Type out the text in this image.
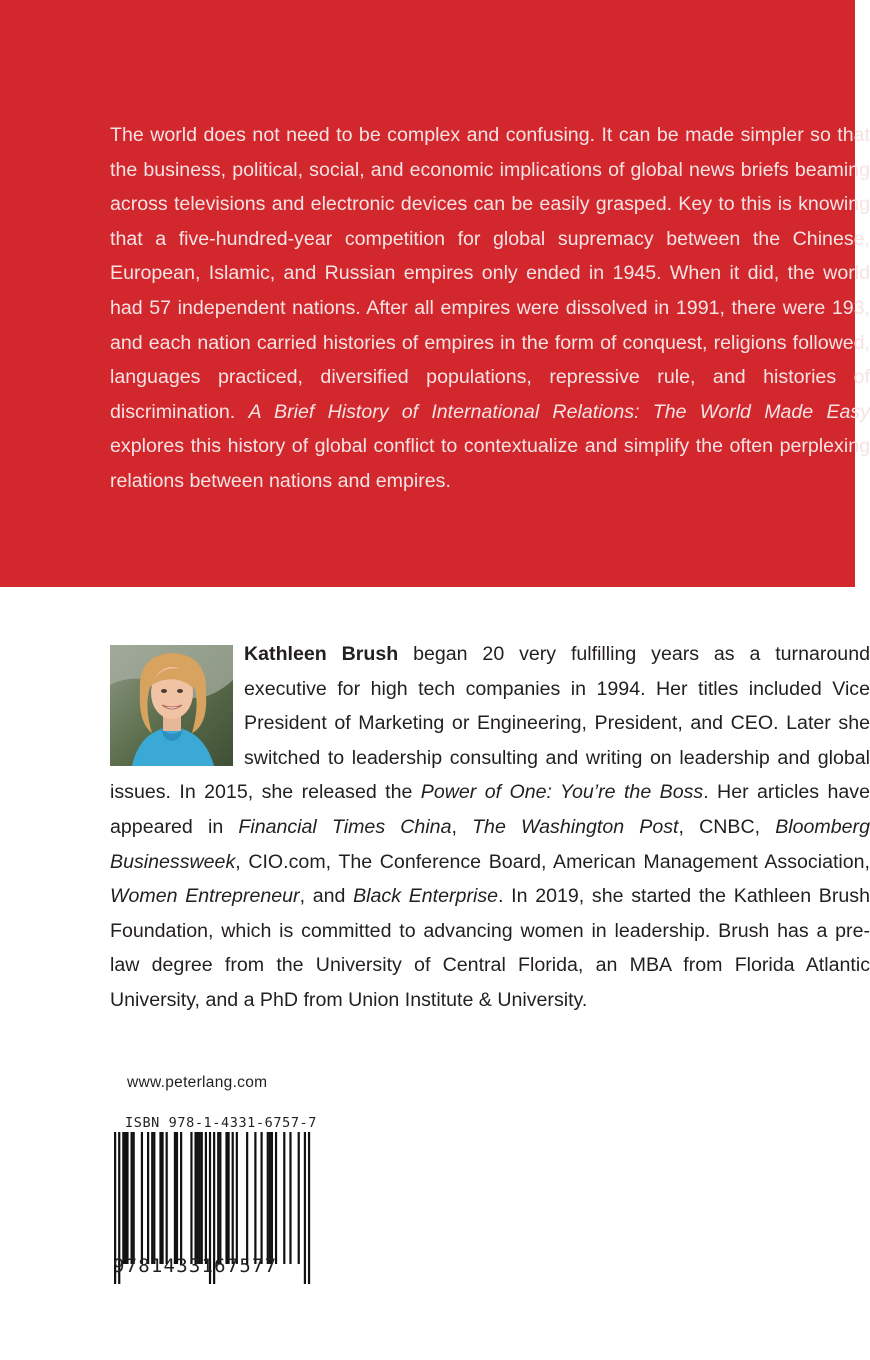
The world does not need to be complex and confusing. It can be made simpler so that the business, political, social, and economic implications of global news briefs beaming across televisions and electronic devices can be easily grasped. Key to this is knowing that a five-hundred-year competition for global supremacy between the Chinese, European, Islamic, and Russian empires only ended in 1945. When it did, the world had 57 independent nations. After all empires were dissolved in 1991, there were 193, and each nation carried histories of empires in the form of conquest, religions followed, languages practiced, diversified populations, repressive rule, and histories of discrimination. A Brief History of International Relations: The World Made Easy explores this history of global conflict to contextualize and simplify the often perplexing relations between nations and empires.

Kathleen Brush began 20 very fulfilling years as a turnaround executive for high tech companies in 1994. Her titles included Vice President of Marketing or Engineering, President, and CEO. Later she switched to leadership consulting and writing on leadership and global issues. In 2015, she released the Power of One: You’re the Boss. Her articles have appeared in Financial Times China, The Washington Post, CNBC, Bloomberg Businessweek, CIO.com, The Conference Board, American Management Association, Women Entrepreneur, and Black Enterprise. In 2019, she started the Kathleen Brush Foundation, which is committed to advancing women in leadership. Brush has a pre-law degree from the University of Central Florida, an MBA from Florida Atlantic University, and a PhD from Union Institute & University.

www.peterlang.com
ISBN 978-1-4331-6757-7
9781433167577
